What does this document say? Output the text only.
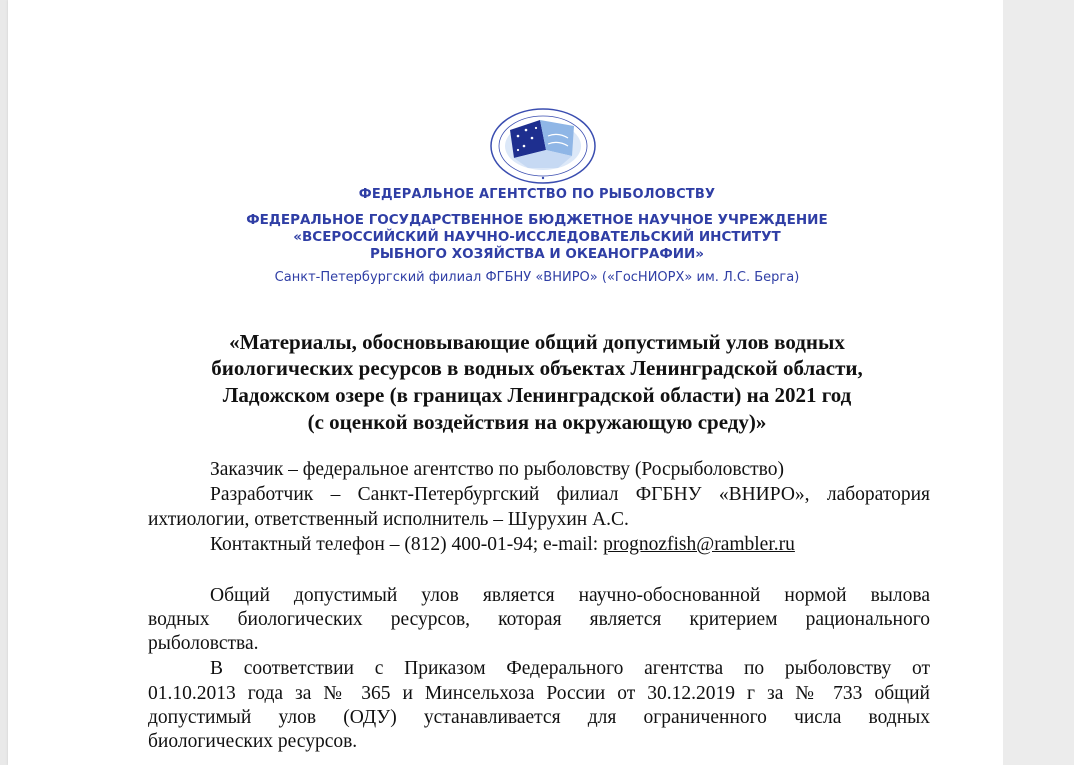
ФЕДЕРАЛЬНОЕ АГЕНТСТВО ПО РЫБОЛОВСТВУ
ФЕДЕРАЛЬНОЕ ГОСУДАРСТВЕННОЕ БЮДЖЕТНОЕ НАУЧНОЕ УЧРЕЖДЕНИЕ
«ВСЕРОССИЙСКИЙ НАУЧНО-ИССЛЕДОВАТЕЛЬСКИЙ ИНСТИТУТ
РЫБНОГО ХОЗЯЙСТВА И ОКЕАНОГРАФИИ»
Санкт-Петербургский филиал ФГБНУ «ВНИРО» («ГосНИОРХ» им. Л.С. Берга)
«Материалы, обосновывающие общий допустимый улов водных
биологических ресурсов в водных объектах Ленинградской области,
Ладожском озере (в границах Ленинградской области) на 2021 год
(с оценкой воздействия на окружающую среду)»
Заказчик – федеральное агентство по рыболовству (Росрыболовство)
Разработчик – Санкт-Петербургский филиал ФГБНУ «ВНИРО», лаборатория
ихтиологии, ответственный исполнитель – Шурухин А.С.
Контактный телефон – (812) 400-01-94; e-mail: prognozfish@rambler.ru
Общий допустимый улов является научно-обоснованной нормой вылова
водных биологических ресурсов, которая является критерием рационального
рыболовства.
В соответствии с Приказом Федерального агентства по рыболовству от
01.10.2013 года за № 365 и Минсельхоза России от 30.12.2019 г за № 733 общий
допустимый улов (ОДУ) устанавливается для ограниченного числа водных
биологических ресурсов.
